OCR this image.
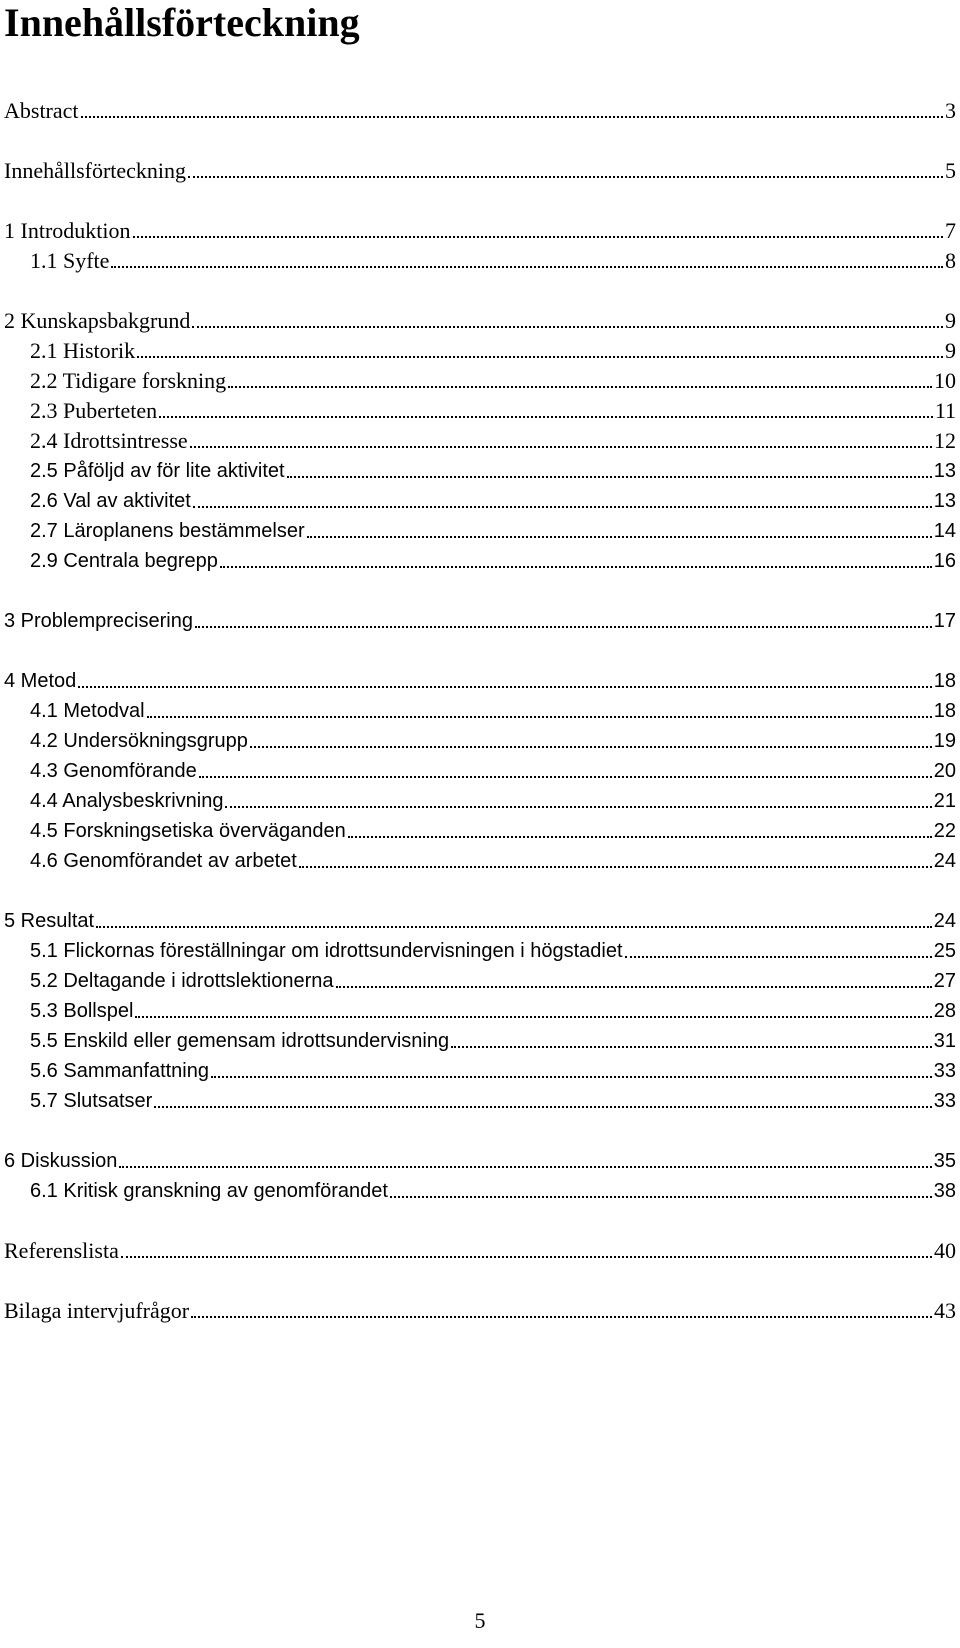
Innehållsförteckning
Abstract	3
Innehållsförteckning	5
1 Introduktion	7
1.1 Syfte	8
2 Kunskapsbakgrund	9
2.1 Historik	9
2.2 Tidigare forskning	10
2.3 Puberteten	11
2.4 Idrottsintresse	12
2.5 Påföljd av för lite aktivitet	13
2.6 Val av aktivitet	13
2.7 Läroplanens bestämmelser	14
2.9 Centrala begrepp	16
3 Problemprecisering	17
4 Metod	18
4.1 Metodval	18
4.2 Undersökningsgrupp	19
4.3 Genomförande	20
4.4 Analysbeskrivning	21
4.5 Forskningsetiska överväganden	22
4.6 Genomförandet av arbetet	24
5 Resultat	24
5.1 Flickornas föreställningar om idrottsundervisningen i högstadiet	25
5.2 Deltagande i idrottslektionerna	27
5.3 Bollspel	28
5.5 Enskild eller gemensam idrottsundervisning	31
5.6 Sammanfattning	33
5.7 Slutsatser	33
6 Diskussion	35
6.1 Kritisk granskning av genomförandet	38
Referenslista	40
Bilaga intervjufrågor	43
5
